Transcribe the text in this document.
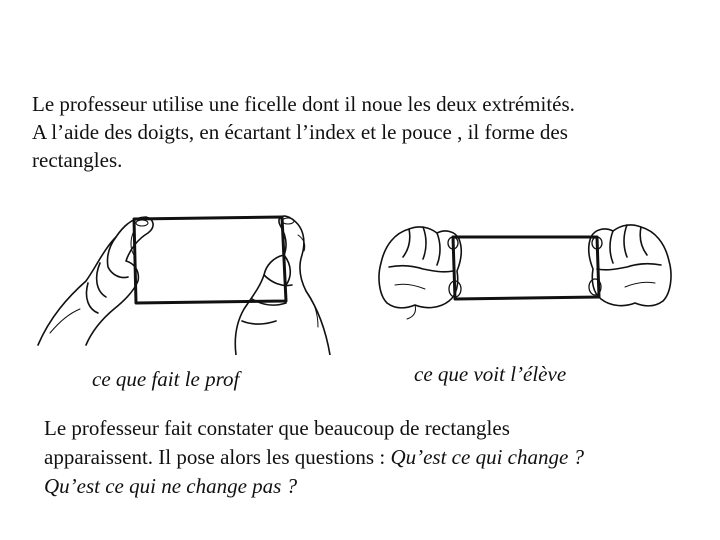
Le professeur utilise une ficelle dont il noue les deux extrémités.
A l’aide des doigts, en écartant l’index et le pouce , il forme des
rectangles.

ce que fait le prof	ce que voit l’élève

Le professeur fait constater que beaucoup de rectangles
apparaissent. Il pose alors les questions : Qu’est ce qui change ?
Qu’est ce qui ne change pas ?
